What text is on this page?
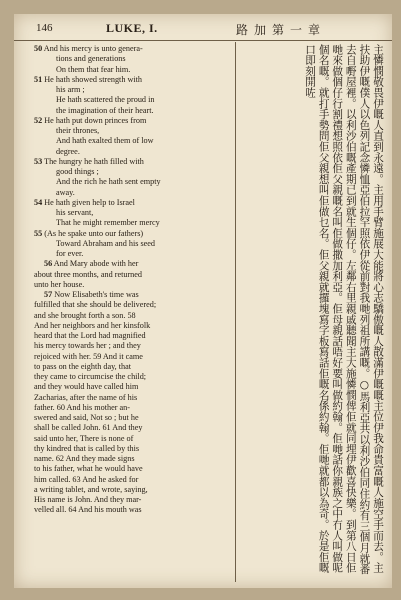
146	LUKE, I.	路加第一章

50 And his mercy is unto genera-

tions and generations

On them that fear him.

51 He hath showed strength with

his arm ;

He hath scattered the proud in

the imagination of their heart.

52 He hath put down princes from

their thrones,

And hath exalted them of low

degree.

53 The hungry he hath filled with

good things ;

And the rich he hath sent empty

away.

54 He hath given help to Israel

his servant,

That he might remember mercy

55 (As he spake unto our fathers)

Toward Abraham and his seed

for ever.

56 And Mary abode with her

about three months, and returned

unto her house.

57 Now Elisabeth's time was

fulfilled that she should be delivered;

and she brought forth a son. 58

And her neighbors and her kinsfolk

heard that the Lord had magnified

his mercy towards her ; and they

rejoiced with her. 59 And it came

to pass on the eighth day, that

they came to circumcise the child;

and they would have called him

Zacharias, after the name of his

father. 60 And his mother an-

swered and said, Not so ; but he

shall be called John. 61 And they

said unto her, There is none of

thy kindred that is called by this

name. 62 And they made signs

to his father, what he would have

him called. 63 And he asked for

a writing tablet, and wrote, saying,

His name is John. And they mar-

velled all. 64 And his mouth was

主憐憫敬畏伊嘅人直到永遠。主用手臂施展大能將心志驕傲嘅人散滿伊嘅嘅主位伊我命貴富嘅人施空手而去。主扶助伊嘅僕人以色列記念憐恤亞伯拉罕照依伊從前對我哋列祖所講嘅。○馬利亞共以利沙伯同住約有三個月就番去自嘢屋裡。以利沙伯嘅產期已到就生個仔。左鄰右里親戚聽聞主大施憐憫俾佢就同埋伊歡喜快樂。到第八日佢哋來做個仔行割禮想照依佢父親嘅名叫佢做撒加利亞。佢母親話唔好要叫做約翰。佢哋話你親族之中冇人叫做呢個名嘅。就打手勢問佢父親想叫佢做乜名。佢父親就攞塊寫字板寫話佢嘅名係約翰。佢哋就都以為奇。於是佢嘅口即刻開咗
